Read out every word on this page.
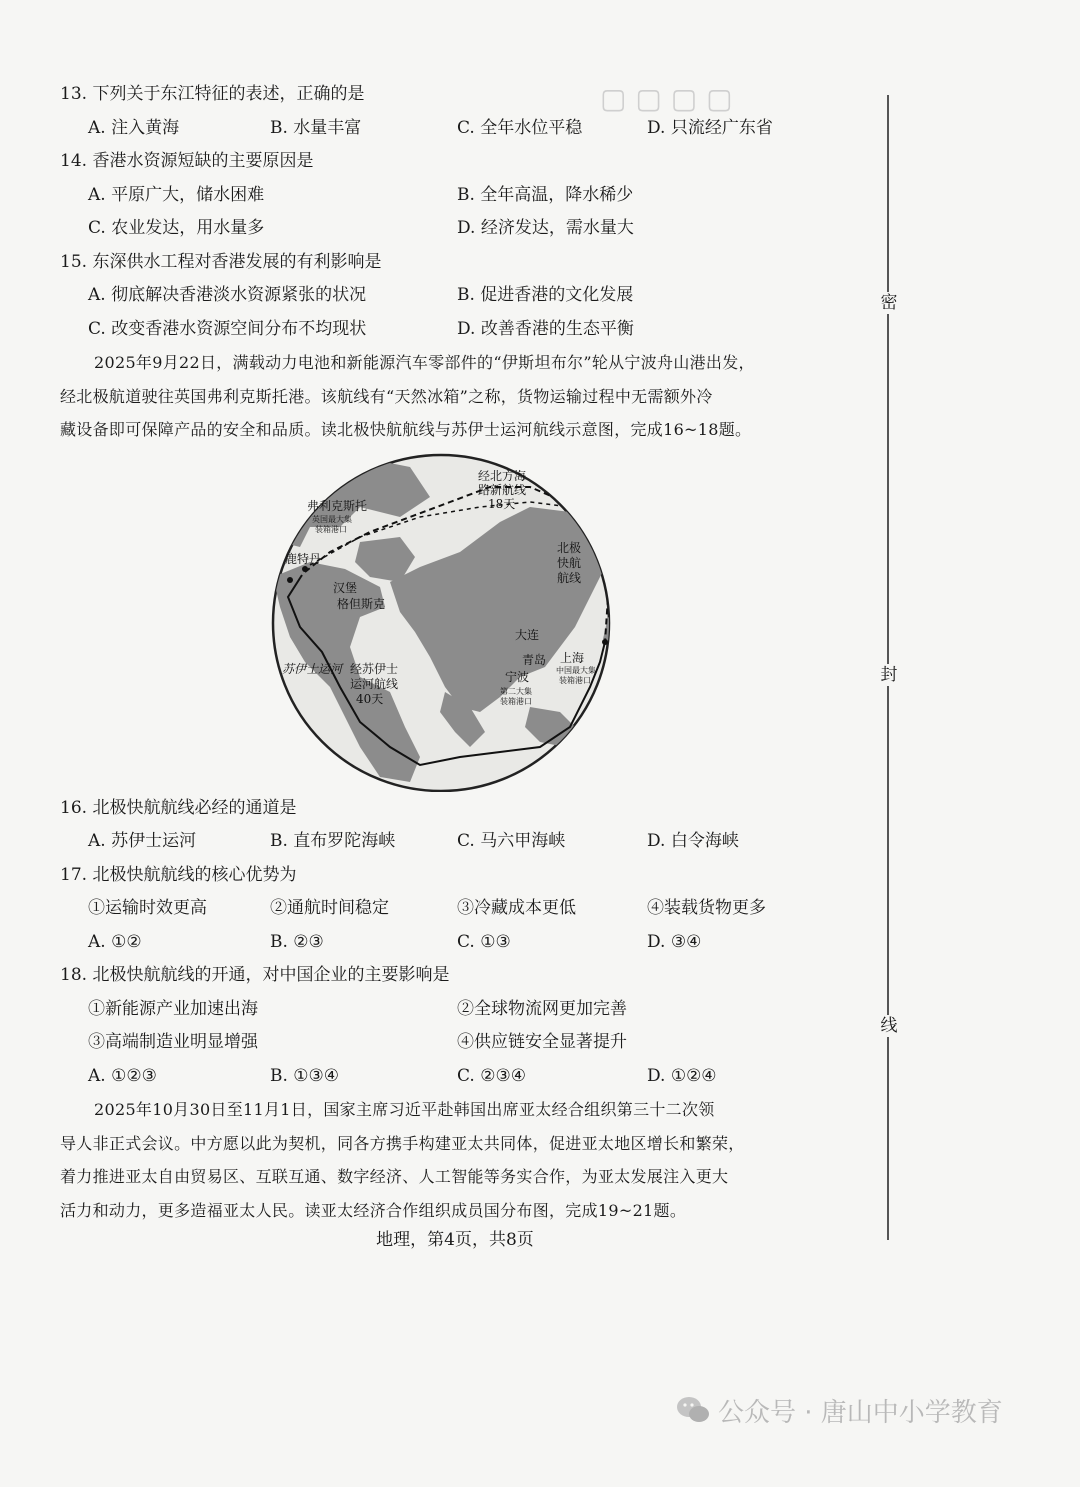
▢ ▢ ▢ ▢
13. 下列关于东江特征的表述，正确的是
A. 注入黄海	B. 水量丰富	C. 全年水位平稳	D. 只流经广东省
14. 香港水资源短缺的主要原因是
A. 平原广大，储水困难	B. 全年高温，降水稀少
C. 农业发达，用水量多	D. 经济发达，需水量大
15. 东深供水工程对香港发展的有利影响是
A. 彻底解决香港淡水资源紧张的状况	B. 促进香港的文化发展
C. 改变香港水资源空间分布不均现状	D. 改善香港的生态平衡
2025年9月22日，满载动力电池和新能源汽车零部件的“伊斯坦布尔”轮从宁波舟山港出发，
经北极航道驶往英国弗利克斯托港。该航线有“天然冰箱”之称，货物运输过程中无需额外冷
藏设备即可保障产品的安全和品质。读北极快航航线与苏伊士运河航线示意图，完成16~18题。
弗利克斯托
英国最大集
装箱港口
鹿特丹
汉堡
格但斯克
经北方海
路新航线
18天
北极
快航
航线
大连
青岛 上海
中国最大集
装箱港口
宁波
第二大集
装箱港口
苏伊士运河 经苏伊士
运河航线
40天
16. 北极快航航线必经的通道是
A. 苏伊士运河	B. 直布罗陀海峡	C. 马六甲海峡	D. 白令海峡
17. 北极快航航线的核心优势为
①运输时效更高	②通航时间稳定	③冷藏成本更低	④装载货物更多
A. ①②	B. ②③	C. ①③	D. ③④
18. 北极快航航线的开通，对中国企业的主要影响是
①新能源产业加速出海	②全球物流网更加完善
③高端制造业明显增强	④供应链安全显著提升
A. ①②③	B. ①③④	C. ②③④	D. ①②④
2025年10月30日至11月1日，国家主席习近平赴韩国出席亚太经合组织第三十二次领
导人非正式会议。中方愿以此为契机，同各方携手构建亚太共同体，促进亚太地区增长和繁荣，
着力推进亚太自由贸易区、互联互通、数字经济、人工智能等务实合作，为亚太发展注入更大
活力和动力，更多造福亚太人民。读亚太经济合作组织成员国分布图，完成19~21题。
地理，第4页，共8页
密
封
线
公众号 · 唐山中小学教育
